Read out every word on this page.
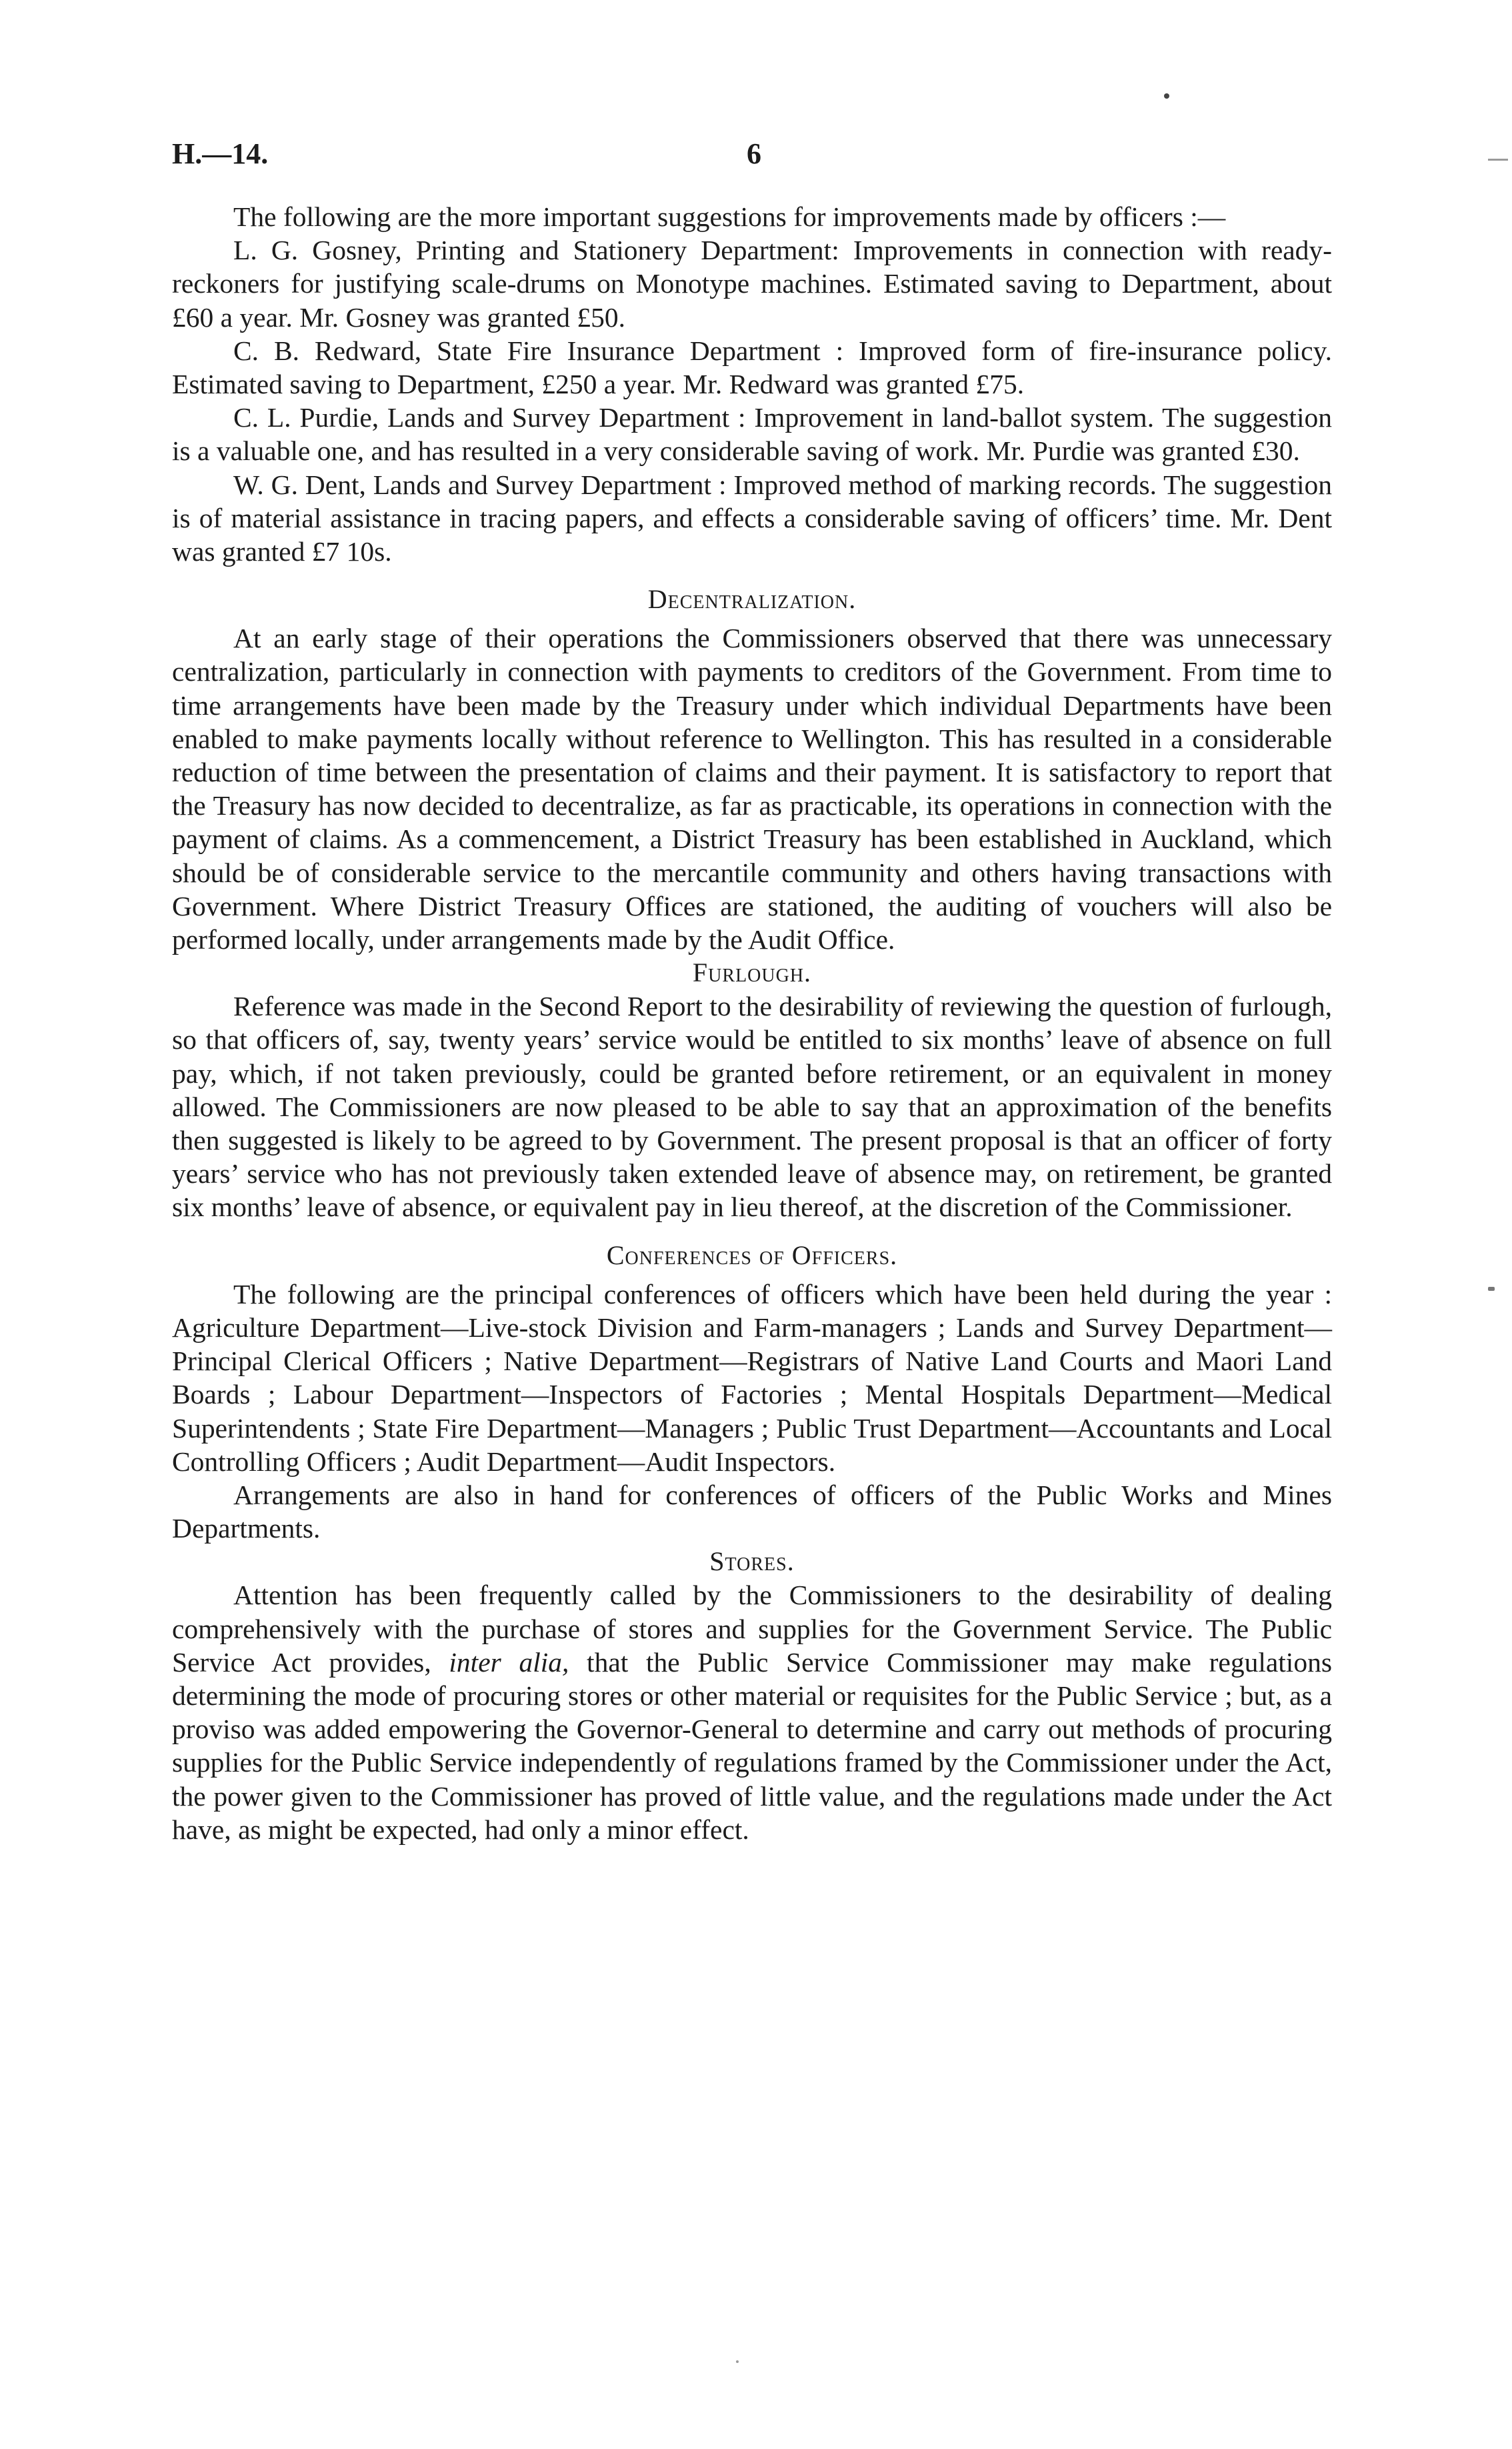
H.—14.	6

The following are the more important suggestions for improvements made by officers :—

L. G. Gosney, Printing and Stationery Department: Improvements in connection with ready-reckoners for justifying scale-drums on Monotype machines. Estimated saving to Department, about £60 a year. Mr. Gosney was granted £50.

C. B. Redward, State Fire Insurance Department : Improved form of fire-insurance policy. Estimated saving to Department, £250 a year. Mr. Redward was granted £75.

C. L. Purdie, Lands and Survey Department : Improvement in land-ballot system. The suggestion is a valuable one, and has resulted in a very considerable saving of work. Mr. Purdie was granted £30.

W. G. Dent, Lands and Survey Department : Improved method of marking records. The suggestion is of material assistance in tracing papers, and effects a considerable saving of officers’ time. Mr. Dent was granted £7 10s.

Decentralization.

At an early stage of their operations the Commissioners observed that there was unnecessary centralization, particularly in connection with payments to creditors of the Government. From time to time arrangements have been made by the Treasury under which individual Departments have been enabled to make payments locally without reference to Wellington. This has resulted in a considerable reduction of time between the presentation of claims and their payment. It is satisfactory to report that the Treasury has now decided to decentralize, as far as practicable, its operations in connection with the payment of claims. As a commencement, a District Treasury has been established in Auckland, which should be of considerable service to the mercantile community and others having transactions with Government. Where District Treasury Offices are stationed, the auditing of vouchers will also be performed locally, under arrangements made by the Audit Office.

Furlough.

Reference was made in the Second Report to the desirability of reviewing the question of furlough, so that officers of, say, twenty years’ service would be entitled to six months’ leave of absence on full pay, which, if not taken previously, could be granted before retirement, or an equivalent in money allowed. The Commissioners are now pleased to be able to say that an approximation of the benefits then suggested is likely to be agreed to by Government. The present proposal is that an officer of forty years’ service who has not previously taken extended leave of absence may, on retirement, be granted six months’ leave of absence, or equivalent pay in lieu thereof, at the discretion of the Commissioner.

Conferences of Officers.

The following are the principal conferences of officers which have been held during the year : Agriculture Department—Live-stock Division and Farm-managers ; Lands and Survey Department—Principal Clerical Officers ; Native Department—Registrars of Native Land Courts and Maori Land Boards ; Labour Department—Inspectors of Factories ; Mental Hospitals Department—Medical Superintendents ; State Fire Department—Managers ; Public Trust Department—Accountants and Local Controlling Officers ; Audit Department—Audit Inspectors.

Arrangements are also in hand for conferences of officers of the Public Works and Mines Departments.

Stores.

Attention has been frequently called by the Commissioners to the desirability of dealing comprehensively with the purchase of stores and supplies for the Government Service. The Public Service Act provides, inter alia, that the Public Service Commissioner may make regulations determining the mode of procuring stores or other material or requisites for the Public Service ; but, as a proviso was added empowering the Governor-General to determine and carry out methods of procuring supplies for the Public Service independently of regulations framed by the Commissioner under the Act, the power given to the Commissioner has proved of little value, and the regulations made under the Act have, as might be expected, had only a minor effect.
